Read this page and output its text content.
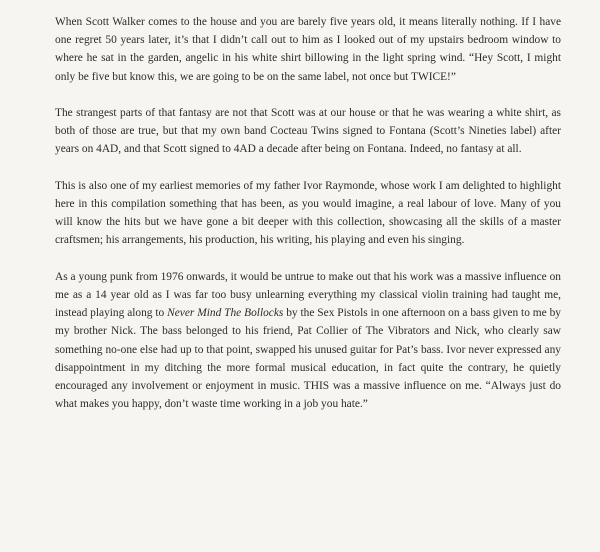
When Scott Walker comes to the house and you are barely five years old, it means literally nothing. If I have one regret 50 years later, it’s that I didn’t call out to him as I looked out of my upstairs bedroom window to where he sat in the garden, angelic in his white shirt billowing in the light spring wind. “Hey Scott, I might only be five but know this, we are going to be on the same label, not once but TWICE!”

The strangest parts of that fantasy are not that Scott was at our house or that he was wearing a white shirt, as both of those are true, but that my own band Cocteau Twins signed to Fontana (Scott’s Nineties label) after years on 4AD, and that Scott signed to 4AD a decade after being on Fontana. Indeed, no fantasy at all.

This is also one of my earliest memories of my father Ivor Raymonde, whose work I am delighted to highlight here in this compilation something that has been, as you would imagine, a real labour of love. Many of you will know the hits but we have gone a bit deeper with this collection, showcasing all the skills of a master craftsmen; his arrangements, his production, his writing, his playing and even his singing.

As a young punk from 1976 onwards, it would be untrue to make out that his work was a massive influence on me as a 14 year old as I was far too busy unlearning everything my classical violin training had taught me, instead playing along to Never Mind The Bollocks by the Sex Pistols in one afternoon on a bass given to me by my brother Nick. The bass belonged to his friend, Pat Collier of The Vibrators and Nick, who clearly saw something no-one else had up to that point, swapped his unused guitar for Pat’s bass. Ivor never expressed any disappointment in my ditching the more formal musical education, in fact quite the contrary, he quietly encouraged any involvement or enjoyment in music. THIS was a massive influence on me. “Always just do what makes you happy, don’t waste time working in a job you hate.”
